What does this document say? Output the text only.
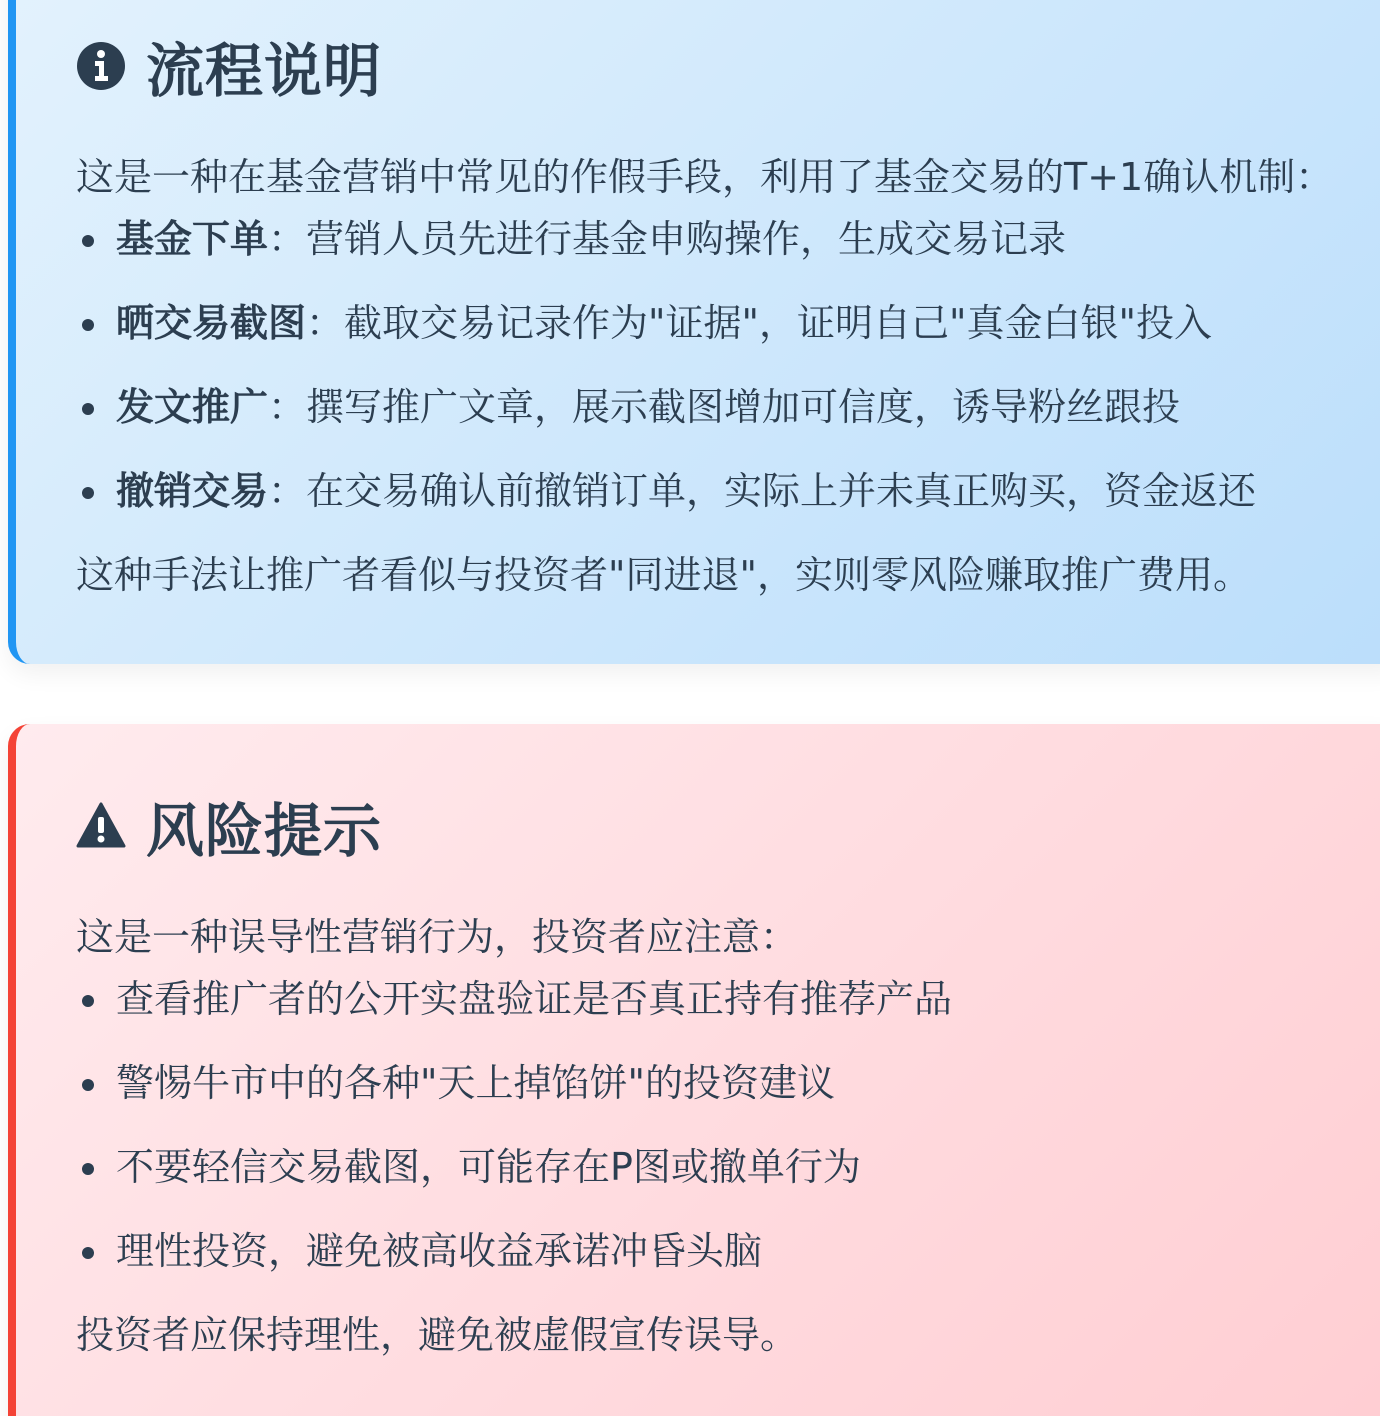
流程说明

这是一种在基金营销中常见的作假手段，利用了基金交易的T+1确认机制：

基金下单：营销人员先进行基金申购操作，生成交易记录
晒交易截图：截取交易记录作为"证据"，证明自己"真金白银"投入
发文推广：撰写推广文章，展示截图增加可信度，诱导粉丝跟投
撤销交易：在交易确认前撤销订单，实际上并未真正购买，资金返还

这种手法让推广者看似与投资者"同进退"，实则零风险赚取推广费用。

风险提示

这是一种误导性营销行为，投资者应注意：

查看推广者的公开实盘验证是否真正持有推荐产品
警惕牛市中的各种"天上掉馅饼"的投资建议
不要轻信交易截图，可能存在P图或撤单行为
理性投资，避免被高收益承诺冲昏头脑

投资者应保持理性，避免被虚假宣传误导。
